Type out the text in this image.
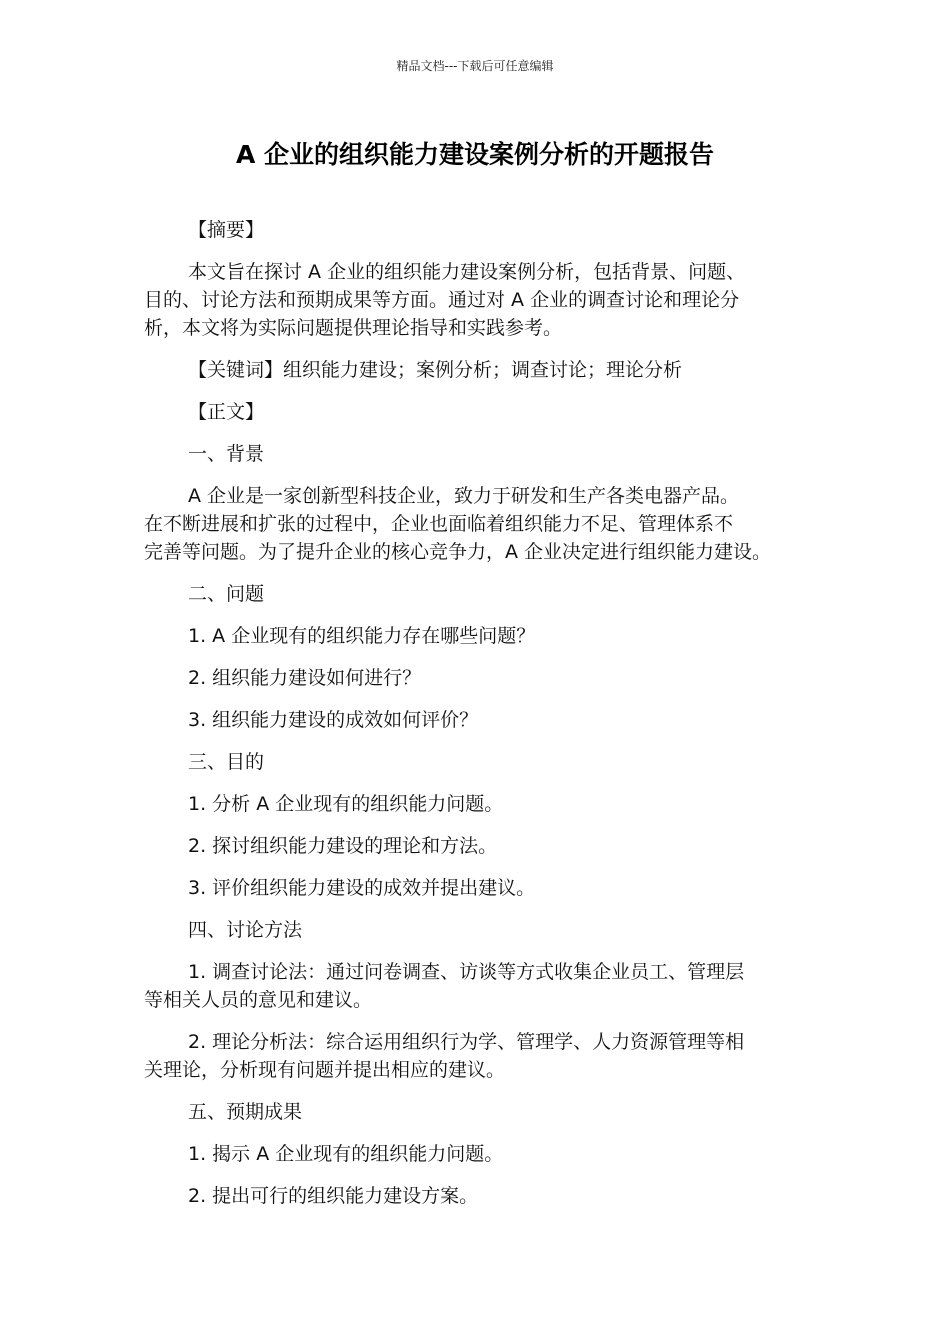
精品文档---下载后可任意编辑
A 企业的组织能力建设案例分析的开题报告

【摘要】

本文旨在探讨 A 企业的组织能力建设案例分析，包括背景、问题、
目的、讨论方法和预期成果等方面。通过对 A 企业的调查讨论和理论分
析，本文将为实际问题提供理论指导和实践参考。

【关键词】组织能力建设；案例分析；调查讨论；理论分析

【正文】

一、背景

A 企业是一家创新型科技企业，致力于研发和生产各类电器产品。
在不断进展和扩张的过程中，企业也面临着组织能力不足、管理体系不
完善等问题。为了提升企业的核心竞争力，A 企业决定进行组织能力建设。

二、问题

1. A 企业现有的组织能力存在哪些问题？

2. 组织能力建设如何进行？

3. 组织能力建设的成效如何评价？

三、目的

1. 分析 A 企业现有的组织能力问题。

2. 探讨组织能力建设的理论和方法。

3. 评价组织能力建设的成效并提出建议。

四、讨论方法

1. 调查讨论法：通过问卷调查、访谈等方式收集企业员工、管理层
等相关人员的意见和建议。

2. 理论分析法：综合运用组织行为学、管理学、人力资源管理等相
关理论，分析现有问题并提出相应的建议。

五、预期成果

1. 揭示 A 企业现有的组织能力问题。

2. 提出可行的组织能力建设方案。
